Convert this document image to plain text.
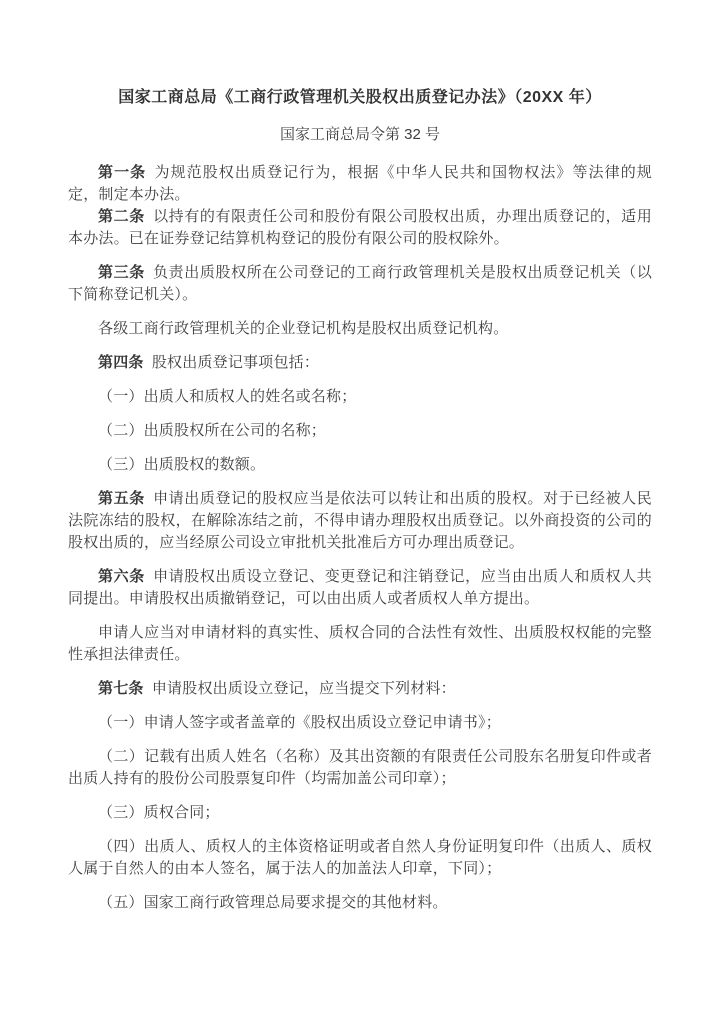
国家工商总局《工商行政管理机关股权出质登记办法》（20XX 年）
国家工商总局令第 32 号

第一条 为规范股权出质登记行为，根据《中华人民共和国物权法》等法律的规定，制定本办法。

第二条 以持有的有限责任公司和股份有限公司股权出质，办理出质登记的，适用本办法。已在证券登记结算机构登记的股份有限公司的股权除外。

第三条 负责出质股权所在公司登记的工商行政管理机关是股权出质登记机关（以下简称登记机关）。

各级工商行政管理机关的企业登记机构是股权出质登记机构。

第四条 股权出质登记事项包括：

（一）出质人和质权人的姓名或名称；

（二）出质股权所在公司的名称；

（三）出质股权的数额。

第五条 申请出质登记的股权应当是依法可以转让和出质的股权。对于已经被人民法院冻结的股权，在解除冻结之前，不得申请办理股权出质登记。以外商投资的公司的股权出质的，应当经原公司设立审批机关批准后方可办理出质登记。

第六条 申请股权出质设立登记、变更登记和注销登记，应当由出质人和质权人共同提出。申请股权出质撤销登记，可以由出质人或者质权人单方提出。

申请人应当对申请材料的真实性、质权合同的合法性有效性、出质股权权能的完整性承担法律责任。

第七条 申请股权出质设立登记，应当提交下列材料：

（一）申请人签字或者盖章的《股权出质设立登记申请书》；

（二）记载有出质人姓名（名称）及其出资额的有限责任公司股东名册复印件或者出质人持有的股份公司股票复印件（均需加盖公司印章）；

（三）质权合同；

（四）出质人、质权人的主体资格证明或者自然人身份证明复印件（出质人、质权人属于自然人的由本人签名，属于法人的加盖法人印章，下同）；

（五）国家工商行政管理总局要求提交的其他材料。
